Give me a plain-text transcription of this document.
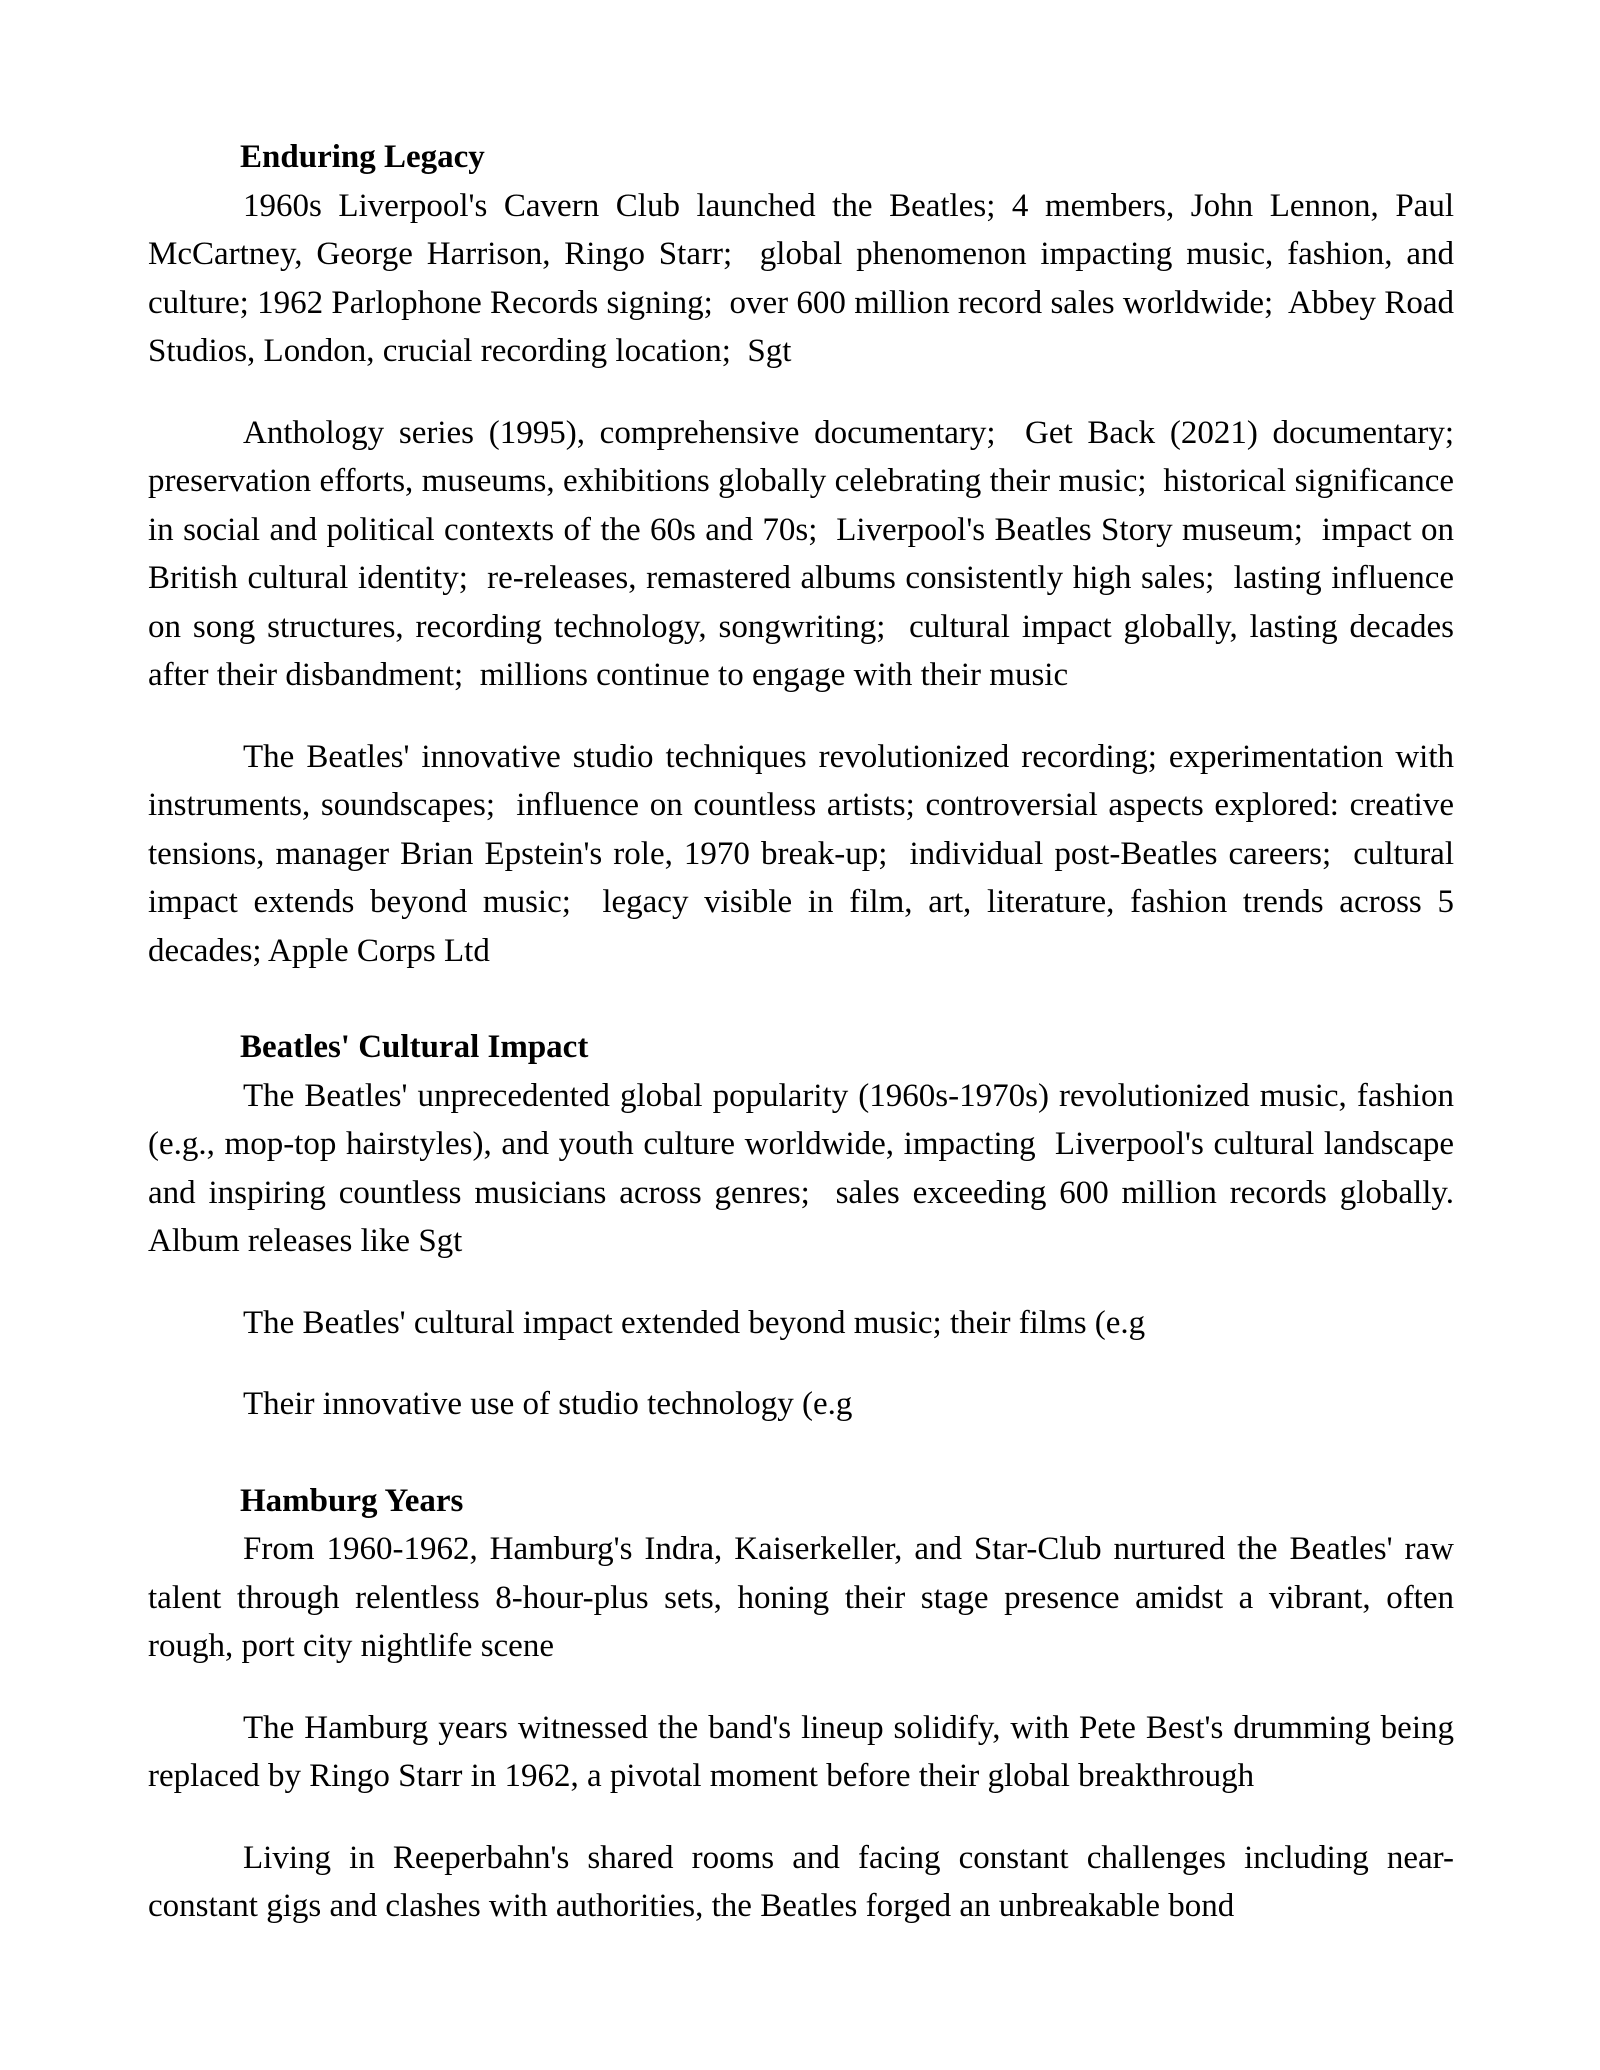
Enduring Legacy

1960s Liverpool's Cavern Club launched the Beatles; 4 members, John Lennon, Paul McCartney, George Harrison, Ringo Starr;  global phenomenon impacting music, fashion, and culture; 1962 Parlophone Records signing;  over 600 million record sales worldwide;  Abbey Road Studios, London, crucial recording location;  Sgt

Anthology series (1995), comprehensive documentary;  Get Back (2021) documentary;  preservation efforts, museums, exhibitions globally celebrating their music;  historical significance in social and political contexts of the 60s and 70s;  Liverpool's Beatles Story museum;  impact on British cultural identity;  re-releases, remastered albums consistently high sales;  lasting influence on song structures, recording technology, songwriting;  cultural impact globally, lasting decades after their disbandment;  millions continue to engage with their music

The Beatles' innovative studio techniques revolutionized recording; experimentation with instruments, soundscapes;  influence on countless artists; controversial aspects explored: creative tensions, manager Brian Epstein's role, 1970 break-up;  individual post-Beatles careers;  cultural impact extends beyond music;  legacy visible in film, art, literature, fashion trends across 5 decades; Apple Corps Ltd

Beatles' Cultural Impact

The Beatles' unprecedented global popularity (1960s-1970s) revolutionized music, fashion (e.g., mop-top hairstyles), and youth culture worldwide, impacting  Liverpool's cultural landscape and inspiring countless musicians across genres;  sales exceeding 600 million records globally.  Album releases like Sgt

The Beatles' cultural impact extended beyond music; their films (e.g

Their innovative use of studio technology (e.g

Hamburg Years

From 1960-1962, Hamburg's Indra, Kaiserkeller, and Star-Club nurtured the Beatles' raw talent through relentless 8-hour-plus sets, honing their stage presence amidst a vibrant, often rough, port city nightlife scene

The Hamburg years witnessed the band's lineup solidify, with Pete Best's drumming being replaced by Ringo Starr in 1962, a pivotal moment before their global breakthrough

Living in Reeperbahn's shared rooms and facing constant challenges including near-constant gigs and clashes with authorities, the Beatles forged an unbreakable bond
